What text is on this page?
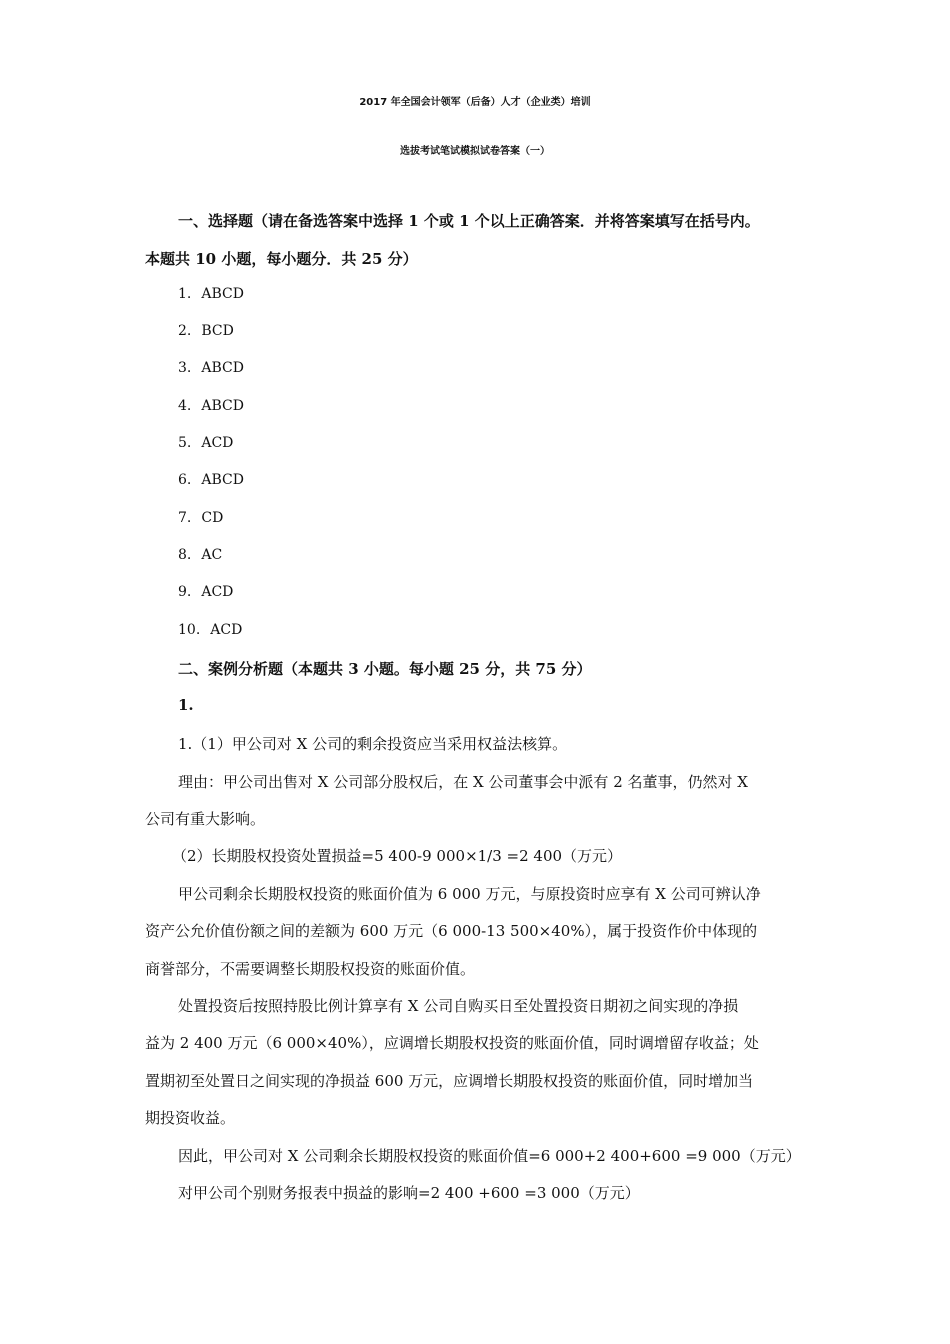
2017 年全国会计领军（后备）人才（企业类）培训
选拔考试笔试模拟试卷答案（一）
一、选择题（请在备选答案中选择 1 个或 1 个以上正确答案．并将答案填写在括号内。
本题共 10 小题，每小题分．共 25 分）
1. ABCD
2. BCD
3. ABCD
4. ABCD
5. ACD
6. ABCD
7. CD
8. AC
9. ACD
10. ACD
二、案例分析题（本题共 3 小题。每小题 25 分，共 75 分）
1.
1.（1）甲公司对 X 公司的剩余投资应当采用权益法核算。
理由：甲公司出售对 X 公司部分股权后，在 X 公司董事会中派有 2 名董事，仍然对 X
公司有重大影响。
（2）长期股权投资处置损益=5 400-9 000×1/3 =2 400（万元）
甲公司剩余长期股权投资的账面价值为 6 000 万元，与原投资时应享有 X 公司可辨认净
资产公允价值份额之间的差额为 600 万元（6 000-13 500×40%），属于投资作价中体现的
商誉部分，不需要调整长期股权投资的账面价值。
处置投资后按照持股比例计算享有 X 公司自购买日至处置投资日期初之间实现的净损
益为 2 400 万元（6 000×40%），应调增长期股权投资的账面价值，同时调增留存收益；处
置期初至处置日之间实现的净损益 600 万元，应调增长期股权投资的账面价值，同时增加当
期投资收益。
因此，甲公司对 X 公司剩余长期股权投资的账面价值=6 000+2 400+600 =9 000（万元）
对甲公司个别财务报表中损益的影响=2 400 +600 =3 000（万元）
